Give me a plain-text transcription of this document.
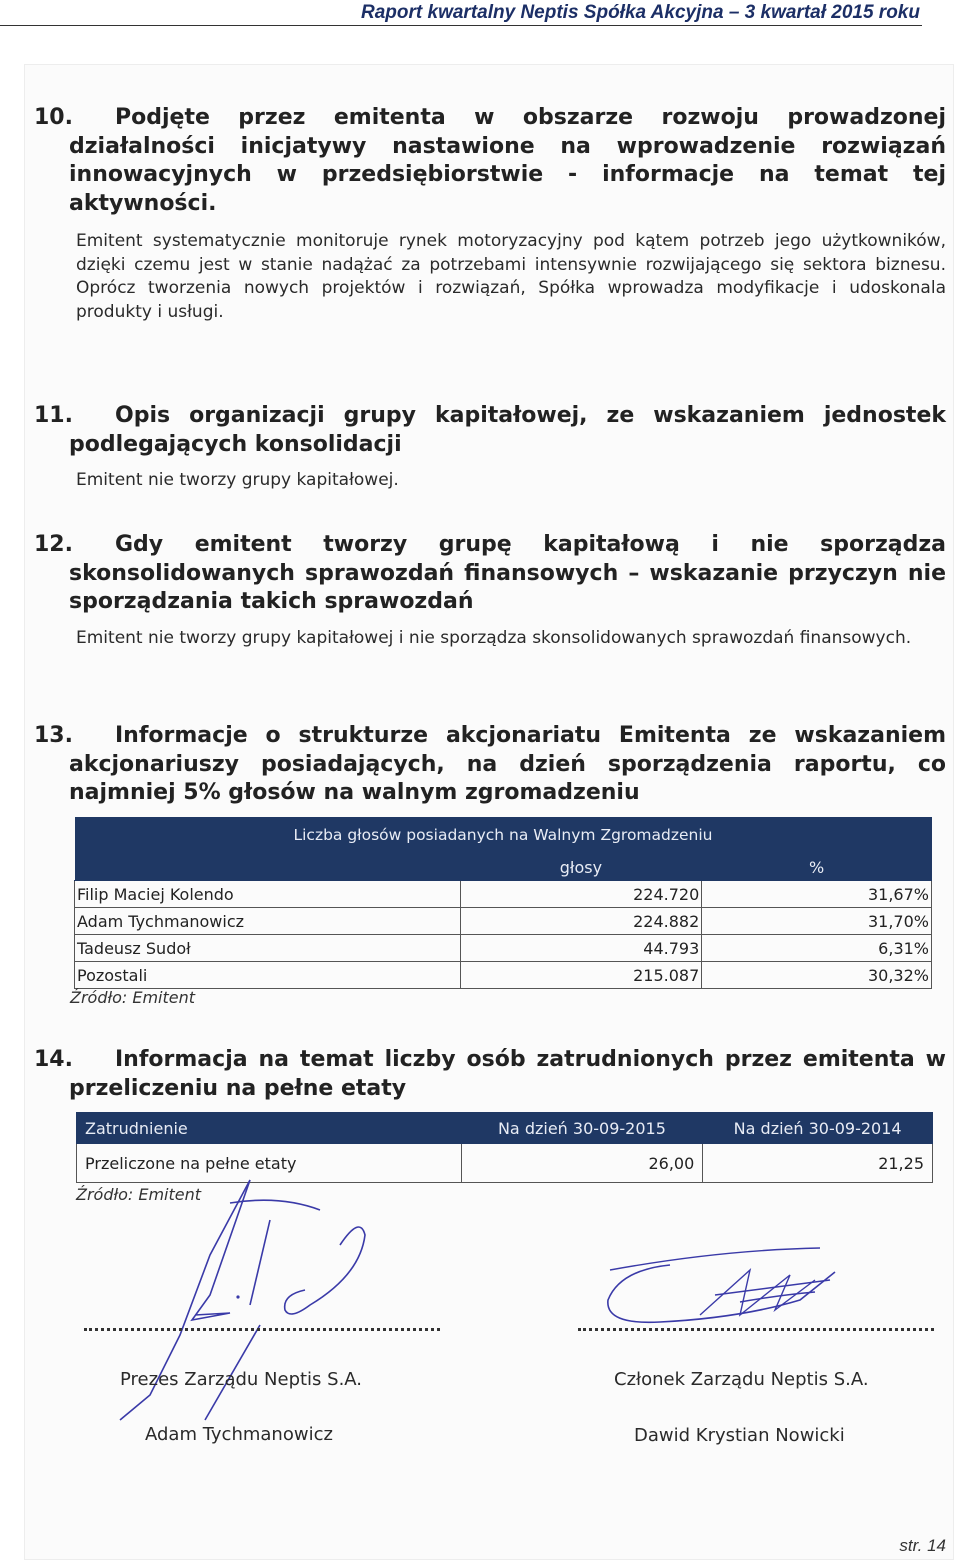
Raport kwartalny Neptis Spółka Akcyjna – 3 kwartał 2015 roku
10.	Podjęte przez emitenta w obszarze rozwoju prowadzonej działalności inicjatywy nastawione na wprowadzenie rozwiązań innowacyjnych w przedsiębiorstwie - informacje na temat tej aktywności.
Emitent systematycznie monitoruje rynek motoryzacyjny pod kątem potrzeb jego użytkowników, dzięki czemu jest w stanie nadążać za potrzebami intensywnie rozwijającego się sektora biznesu. Oprócz tworzenia nowych projektów i rozwiązań, Spółka wprowadza modyfikacje i udoskonala produkty i usługi.
11.	Opis organizacji grupy kapitałowej, ze wskazaniem jednostek podlegających konsolidacji
Emitent nie tworzy grupy kapitałowej.
12.	Gdy emitent tworzy grupę kapitałową i nie sporządza skonsolidowanych sprawozdań finansowych – wskazanie przyczyn nie sporządzania takich sprawozdań
Emitent nie tworzy grupy kapitałowej i nie sporządza skonsolidowanych sprawozdań finansowych.
13.	Informacje o strukturze akcjonariatu Emitenta ze wskazaniem akcjonariuszy posiadających, na dzień sporządzenia raportu, co najmniej 5% głosów na walnym zgromadzeniu
Liczba głosów posiadanych na Walnym Zgromadzeniu		
	głosy	%
Filip Maciej Kolendo	224.720	31,67%
Adam Tychmanowicz	224.882	31,70%
Tadeusz Sudoł	44.793	6,31%
Pozostali	215.087	30,32%
Źródło: Emitent
14.	Informacja na temat liczby osób zatrudnionych przez emitenta w przeliczeniu na pełne etaty
Zatrudnienie	Na dzień 30-09-2015	Na dzień 30-09-2014
Przeliczone na pełne etaty	26,00	21,25
Źródło: Emitent
Prezes Zarządu Neptis S.A.
Adam Tychmanowicz
Członek Zarządu Neptis S.A.
Dawid Krystian Nowicki
str. 14
